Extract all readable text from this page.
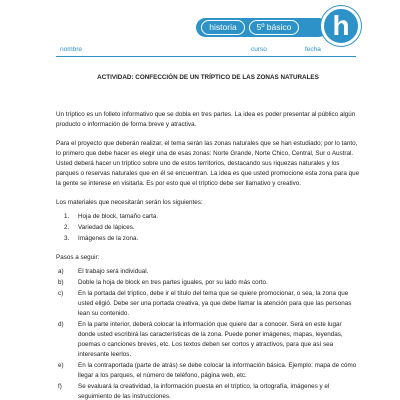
historia	5º básico	h
nombre	curso	fecha
ACTIVIDAD: CONFECCIÓN DE UN TRÍPTICO DE LAS ZONAS NATURALES

Un tríptico es un folleto informativo que se dobla en tres partes. La idea es poder presentar al público algún producto o información de forma breve y atractiva.

Para el proyecto que deberán realizar, el tema serán las zonas naturales que se han estudiado; por lo tanto, lo primero que debe hacer es elegir una de esas zonas: Norte Grande, Norte Chico, Central, Sur o Austral. Usted deberá hacer un tríptico sobre uno de estos territorios, destacando sus riquezas naturales y los parques o reservas naturales que en él se encuentran. La idea es que usted promocione esta zona para que la gente se interese en visitarla. Es por esto que el tríptico debe ser llamativo y creativo.

Los materiales que necesitarán serán los siguientes:

1. Hoja de block, tamaño carta.
2. Variedad de lápices.
3. Imágenes de la zona.

Pasos a seguir:

a) El trabajo será individual.
b) Doble la hoja de block en tres partes iguales, por su lado más corto.
c) En la portada del tríptico, debe ir el título del tema que se quiere promocionar, o sea, la zona que usted eligió. Debe ser una portada creativa, ya que debe llamar la atención para que las personas lean su contenido.
d) En la parte interior, deberá colocar la información que quiere dar a conocer. Será en este lugar donde usted escribirá las características de la zona. Puede poner imágenes, mapas, leyendas, poemas o canciones breves, etc. Los textos deben ser cortos y atractivos, para que así sea interesante leerlos.
e) En la contraportada (parte de atrás) se debe colocar la información básica. Ejemplo: mapa de cómo llegar a los parques, el número de teléfono, página web, etc.
f)	Se evaluará la creatividad, la información puesta en el tríptico, la ortografía, imágenes y el seguimiento de las instrucciones.
